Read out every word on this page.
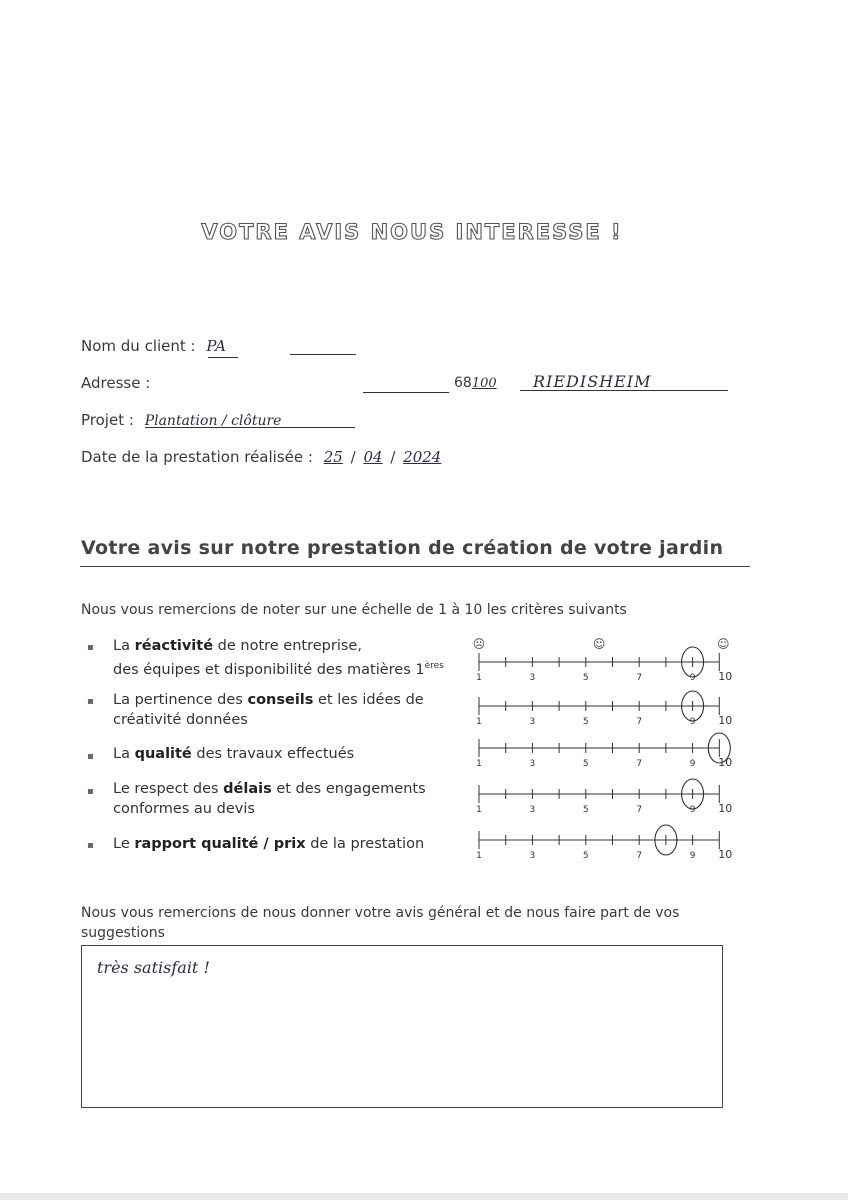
VOTRE AVIS NOUS INTERESSE !
Nom du client : PA
Adresse :	68100 RIEDISHEIM
Projet : Plantation / clôture
Date de la prestation réalisée : 25 / 04 / 2024
Votre avis sur notre prestation de création de votre jardin
Nous vous remercions de noter sur une échelle de 1 à 10 les critères suivants
▪ La réactivité de notre entreprise,
des équipes et disponibilité des matières 1ères
▪ La pertinence des conseils et les idées de
créativité données
▪ La qualité des travaux effectués
▪ Le respect des délais et des engagements
conformes au devis
▪ Le rapport qualité / prix de la prestation
☹	☺	☺
1	3	5	7	9 10
1	3	5	7	9 10
1	3	5	7	9 10
1	3	5	7	9 10
1	3	5	7	9 10
Nous vous remercions de nous donner votre avis général et de nous faire part de vos suggestions
très satisfait !
